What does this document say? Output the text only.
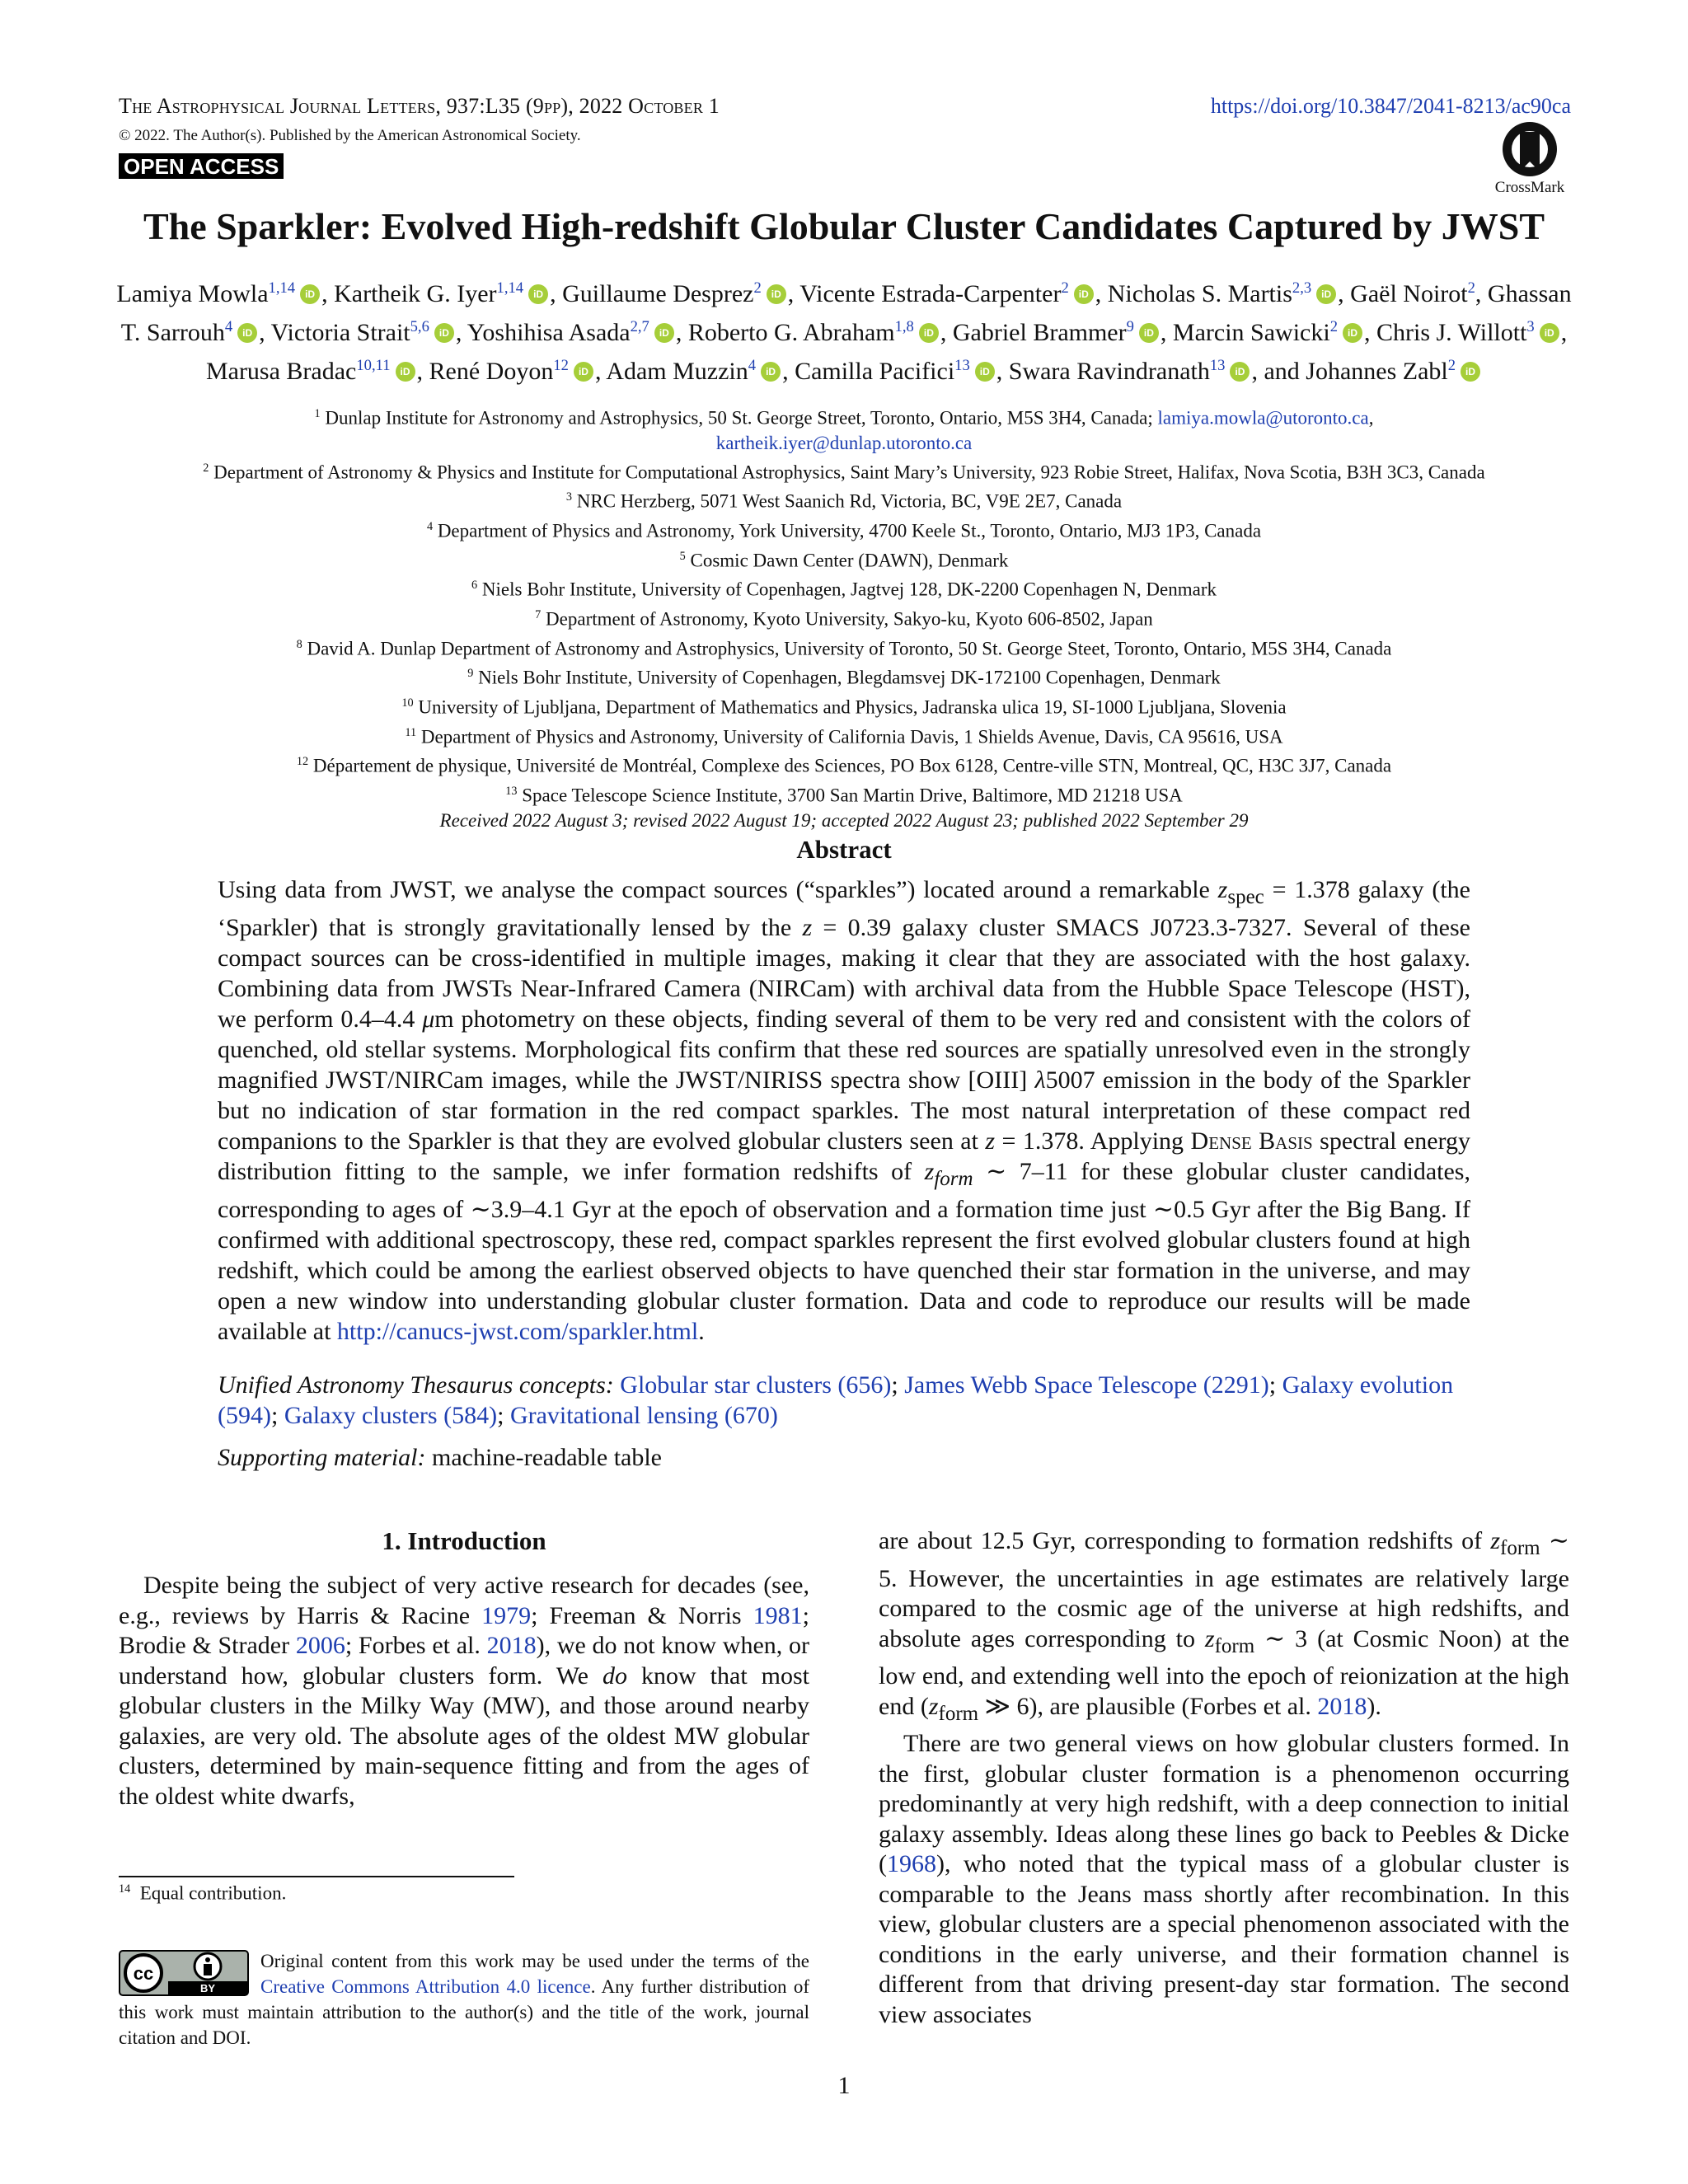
The Astrophysical Journal Letters, 937:L35 (9pp), 2022 October 1
© 2022. The Author(s). Published by the American Astronomical Society.
OPEN ACCESS
https://doi.org/10.3847/2041-8213/ac90ca
CrossMark
The Sparkler: Evolved High-redshift Globular Cluster Candidates Captured by JWST
Lamiya Mowla$^{1,14}$ iD , Kartheik G. Iyer$^{1,14}$ iD , Guillaume Desprez$^2$ iD , Vicente Estrada-Carpenter$^2$ iD , Nicholas S. Martis$^{2,3}$ iD , Gaël Noirot$^2$, Ghassan T. Sarrouh$^4$ iD , Victoria Strait$^{5,6}$ iD , Yoshihisa Asada$^{2,7}$ iD , Roberto G. Abraham$^{1,8}$ iD , Gabriel Brammer$^9$ iD , Marcin Sawicki$^2$ iD , Chris J. Willott$^3$ iD , Marusa Bradac$^{10,11}$ iD , René Doyon$^{12}$ iD , Adam Muzzin$^4$ iD , Camilla Pacifici$^{13}$ iD , Swara Ravindranath$^{13}$ iD , and Johannes Zabl$^2$ iD
$^1$ Dunlap Institute for Astronomy and Astrophysics, 50 St. George Street, Toronto, Ontario, M5S 3H4, Canada; lamiya.mowla@utoronto.ca,
kartheik.iyer@dunlap.utoronto.ca
$^2$ Department of Astronomy & Physics and Institute for Computational Astrophysics, Saint Mary’s University, 923 Robie Street, Halifax, Nova Scotia, B3H 3C3, Canada
$^3$ NRC Herzberg, 5071 West Saanich Rd, Victoria, BC, V9E 2E7, Canada
$^4$ Department of Physics and Astronomy, York University, 4700 Keele St., Toronto, Ontario, MJ3 1P3, Canada
$^5$ Cosmic Dawn Center (DAWN), Denmark
$^6$ Niels Bohr Institute, University of Copenhagen, Jagtvej 128, DK-2200 Copenhagen N, Denmark
$^7$ Department of Astronomy, Kyoto University, Sakyo-ku, Kyoto 606-8502, Japan
$^8$ David A. Dunlap Department of Astronomy and Astrophysics, University of Toronto, 50 St. George Steet, Toronto, Ontario, M5S 3H4, Canada
$^9$ Niels Bohr Institute, University of Copenhagen, Blegdamsvej DK-172100 Copenhagen, Denmark
$^{10}$ University of Ljubljana, Department of Mathematics and Physics, Jadranska ulica 19, SI-1000 Ljubljana, Slovenia
$^{11}$ Department of Physics and Astronomy, University of California Davis, 1 Shields Avenue, Davis, CA 95616, USA
$^{12}$ Département de physique, Université de Montréal, Complexe des Sciences, PO Box 6128, Centre-ville STN, Montreal, QC, H3C 3J7, Canada
$^{13}$ Space Telescope Science Institute, 3700 San Martin Drive, Baltimore, MD 21218 USA
Received 2022 August 3; revised 2022 August 19; accepted 2022 August 23; published 2022 September 29
Abstract
Using data from JWST, we analyse the compact sources (“sparkles”) located around a remarkable $z_{spec} = 1.378$ galaxy (the ‘Sparkler) that is strongly gravitationally lensed by the z = 0.39 galaxy cluster SMACS J0723.3-7327. Several of these compact sources can be cross-identified in multiple images, making it clear that they are associated with the host galaxy. Combining data from JWSTs Near-Infrared Camera (NIRCam) with archival data from the Hubble Space Telescope (HST), we perform 0.4–4.4 μm photometry on these objects, finding several of them to be very red and consistent with the colors of quenched, old stellar systems. Morphological fits confirm that these red sources are spatially unresolved even in the strongly magnified JWST/NIRCam images, while the JWST/NIRISS spectra show [OIII] λ5007 emission in the body of the Sparkler but no indication of star formation in the red compact sparkles. The most natural interpretation of these compact red companions to the Sparkler is that they are evolved globular clusters seen at z = 1.378. Applying Dense Basis spectral energy distribution fitting to the sample, we infer formation redshifts of $z_{form}$ ∼ 7–11 for these globular cluster candidates, corresponding to ages of ∼3.9–4.1 Gyr at the epoch of observation and a formation time just ∼0.5 Gyr after the Big Bang. If confirmed with additional spectroscopy, these red, compact sparkles represent the first evolved globular clusters found at high redshift, which could be among the earliest observed objects to have quenched their star formation in the universe, and may open a new window into understanding globular cluster formation. Data and code to reproduce our results will be made available at http://canucs-jwst.com/sparkler.html.
Unified Astronomy Thesaurus concepts: Globular star clusters (656); James Webb Space Telescope (2291); Galaxy evolution (594); Galaxy clusters (584); Gravitational lensing (670)
Supporting material: machine-readable table
1. Introduction
Despite being the subject of very active research for decades (see, e.g., reviews by Harris & Racine 1979; Freeman & Norris 1981; Brodie & Strader 2006; Forbes et al. 2018), we do not know when, or understand how, globular clusters form. We do know that most globular clusters in the Milky Way (MW), and those around nearby galaxies, are very old. The absolute ages of the oldest MW globular clusters, determined by main-sequence fitting and from the ages of the oldest white dwarfs,

are about 12.5 Gyr, corresponding to formation redshifts of $z_{form}$ ∼ 5. However, the uncertainties in age estimates are relatively large compared to the cosmic age of the universe at high redshifts, and absolute ages corresponding to $z_{form}$ ∼ 3 (at Cosmic Noon) at the low end, and extending well into the epoch of reionization at the high end ($z_{form}$ ≫ 6), are plausible (Forbes et al. 2018).

There are two general views on how globular clusters formed. In the first, globular cluster formation is a phenomenon occurring predominantly at very high redshift, with a deep connection to initial galaxy assembly. Ideas along these lines go back to Peebles & Dicke (1968), who noted that the typical mass of a globular cluster is comparable to the Jeans mass shortly after recombination. In this view, globular clusters are a special phenomenon associated with the conditions in the early universe, and their formation channel is different from that driving present-day star formation. The second view associates

$^{14}$ Equal contribution.
cc
BY
Original content from this work may be used under the terms of the Creative Commons Attribution 4.0 licence. Any further distribution of this work must maintain attribution to the author(s) and the title of the work, journal citation and DOI.
1
